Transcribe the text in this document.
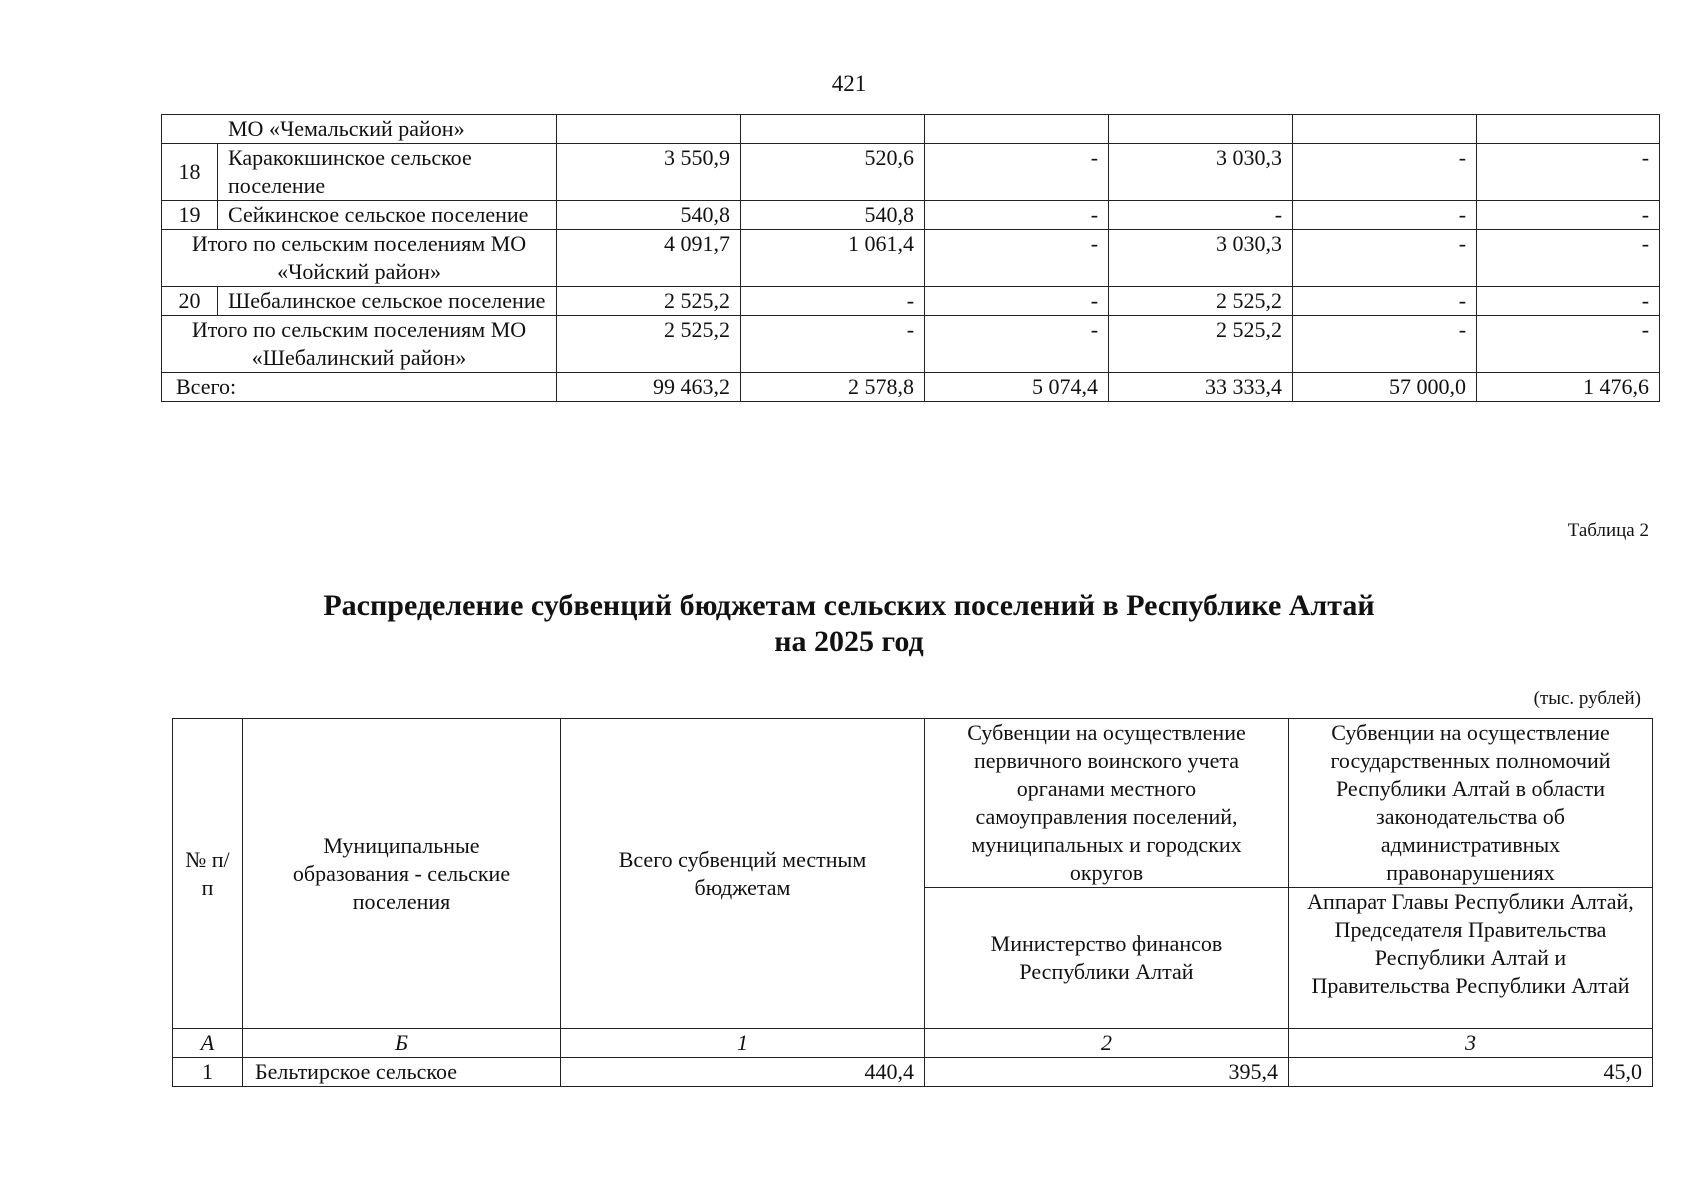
421
МО «Чемальский район»							
18	Каракокшинское сельское поселение	3 550,9	520,6	-	3 030,3	-	-
19	Сейкинское сельское поселение	540,8	540,8	-	-	-	-
Итого по сельским поселениям МО «Чойский район»		4 091,7	1 061,4	-	3 030,3	-	-
20	Шебалинское сельское поселение	2 525,2	-	-	2 525,2	-	-
Итого по сельским поселениям МО «Шебалинский район»		2 525,2	-	-	2 525,2	-	-
Всего:		99 463,2	2 578,8	5 074,4	33 333,4	57 000,0	1 476,6
Таблица 2
Распределение субвенций бюджетам сельских поселений в Республике Алтай
на 2025 год
(тыс. рублей)
№ п/п	Муниципальные образования - сельские поселения	Всего субвенций местным бюджетам	Субвенции на осуществление первичного воинского учета органами местного самоуправления поселений, муниципальных и городских округов	Субвенции на осуществление государственных полномочий Республики Алтай в области законодательства об административных правонарушениях
			Министерство финансов Республики Алтай	Аппарат Главы Республики Алтай, Председателя Правительства Республики Алтай и Правительства Республики Алтай
А	Б	1	2	3
1	Бельтирское сельское	440,4	395,4	45,0
